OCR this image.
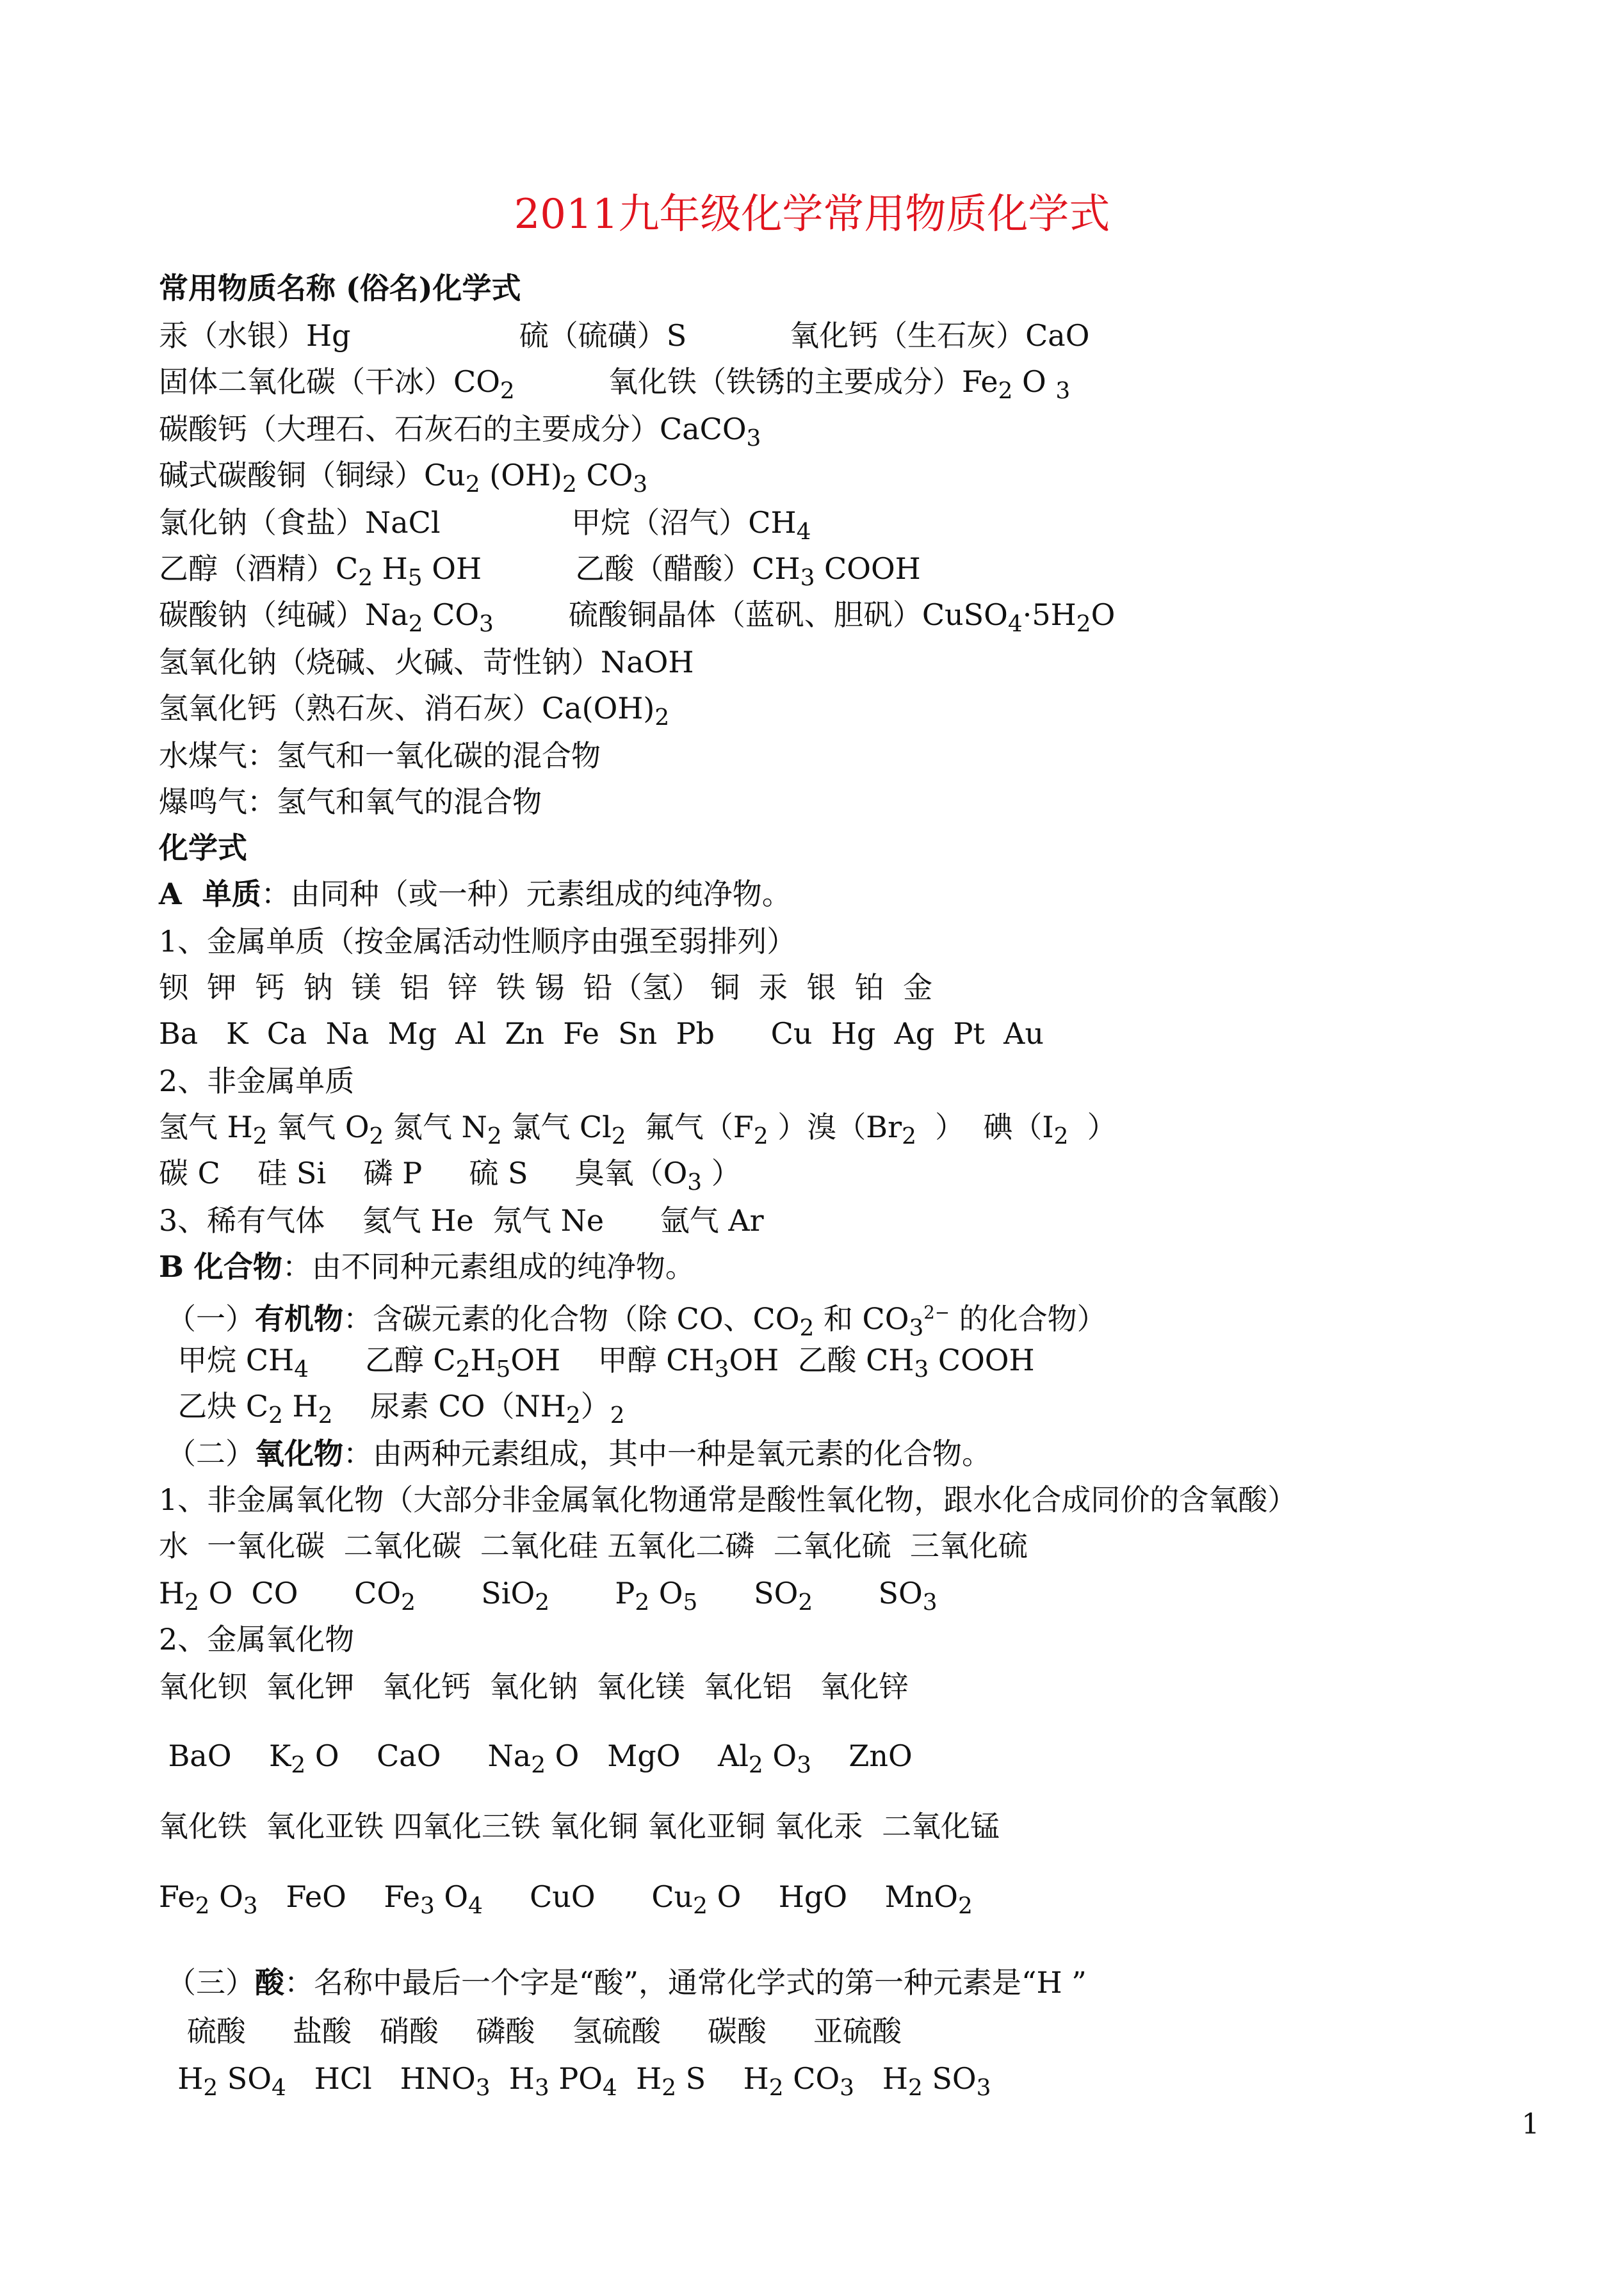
2011九年级化学常用物质化学式
常用物质名称 (俗名)化学式
汞（水银）Hg                  硫（硫磺）S           氧化钙（生石灰）CaO
固体二氧化碳（干冰）$CO_2$          氧化铁（铁锈的主要成分）$Fe_2$ O $_3$
碳酸钙（大理石、石灰石的主要成分）CaCO$_3$
碱式碳酸铜（铜绿）$Cu_2$ $(OH)_2$ $CO_3$
氯化钠（食盐）NaCl              甲烷（沼气）$CH_4$
乙醇（酒精）$C_2$ $H_5$ OH          乙酸（醋酸）$CH_3$ COOH
碳酸钠（纯碱）$Na_2$ $CO_3$        硫酸铜晶体（蓝矾、胆矾）$CuSO_4\cdot 5H_2O$
氢氧化钠（烧碱、火碱、苛性钠）NaOH
氢氧化钙（熟石灰、消石灰）$Ca(OH)_2$
水煤气：氢气和一氧化碳的混合物
爆鸣气：氢气和氧气的混合物
化学式
A  单质：由同种（或一种）元素组成的纯净物。
1、金属单质（按金属活动性顺序由强至弱排列）
钡  钾  钙  钠  镁  铝  锌  铁 锡  铅（氢） 铜  汞  银  铂  金
Ba   K  Ca  Na  Mg  Al  Zn  Fe  Sn  Pb      Cu  Hg  Ag  Pt  Au
2、非金属单质
氢气 $H_2$ 氧气 $O_2$ 氮气 $N_2$ 氯气 $Cl_2$  氟气（$F_2$ ）溴（$Br_2$  ）  碘（$I_2$  ）
碳 C    硅 Si    磷 P     硫 S     臭氧（$O_3$ ）
3、稀有气体    氦气 He  氖气 Ne      氩气 Ar
B 化合物：由不同种元素组成的纯净物。
（一）有机物：含碳元素的化合物（除 CO、$CO_2$ 和 $CO_3^{2-}$ 的化合物）
甲烷 $CH_4$      乙醇 $C_2H_5OH$    甲醇 $CH_3OH$  乙酸 $CH_3$ COOH
乙炔 $C_2$ $H_2$    尿素 $CO(NH_2)_2$
（二）氧化物：由两种元素组成，其中一种是氧元素的化合物。
1、非金属氧化物（大部分非金属氧化物通常是酸性氧化物，跟水化合成同价的含氧酸）
水  一氧化碳  二氧化碳  二氧化硅 五氧化二磷  二氧化硫  三氧化硫
$H_2$ O  CO      $CO_2$       SiO$_2$       $P_2$ $O_5$      $SO_2$       $SO_3$
2、金属氧化物
氧化钡  氧化钾   氧化钙  氧化钠  氧化镁  氧化铝   氧化锌
BaO    $K_2$ O    CaO     $Na_2$ O   MgO    $Al_2$ $O_3$    ZnO
氧化铁  氧化亚铁 四氧化三铁 氧化铜 氧化亚铜 氧化汞  二氧化锰
$Fe_2$ $O_3$   FeO    $Fe_3$ $O_4$     CuO      $Cu_2$ O    HgO    MnO$_2$
（三）酸：名称中最后一个字是“酸”，通常化学式的第一种元素是“H ”
硫酸     盐酸   硝酸    磷酸    氢硫酸     碳酸     亚硫酸
$H_2$ $SO_4$   HCl   $HNO_3$  $H_3$ $PO_4$  $H_2$ S    $H_2$ $CO_3$   $H_2$ $SO_3$
1
